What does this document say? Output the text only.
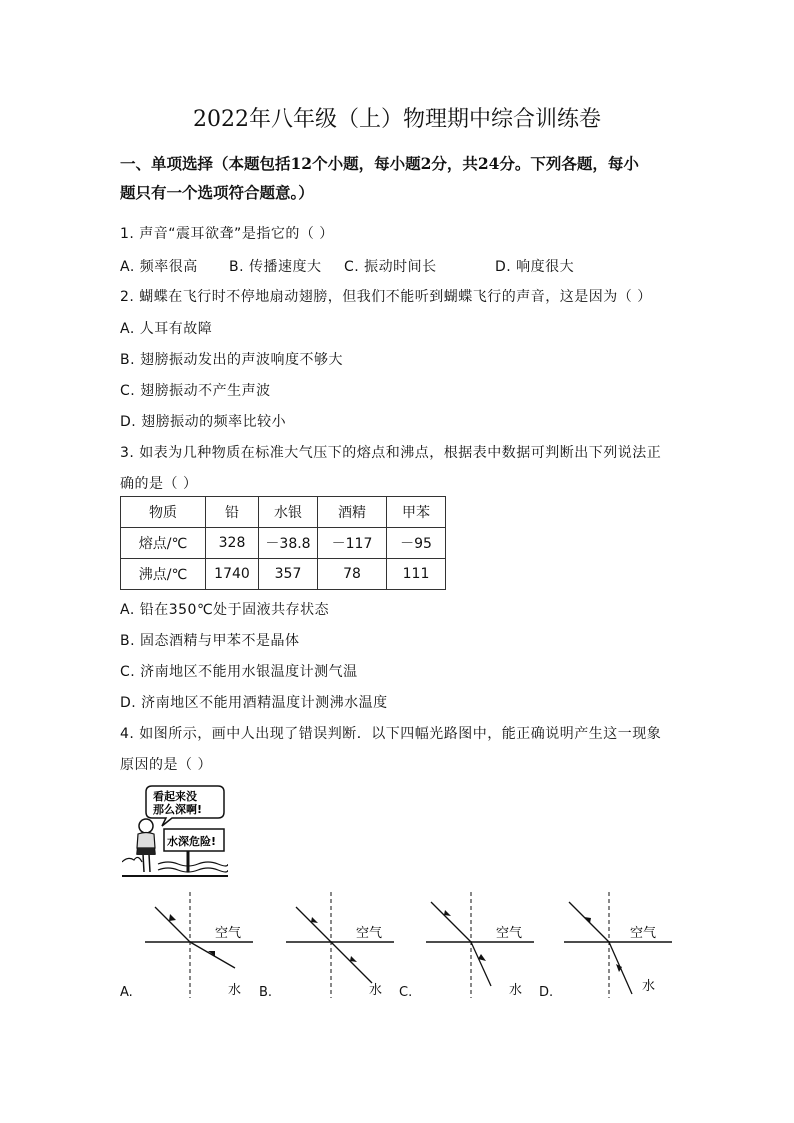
2022年八年级（上）物理期中综合训练卷
一、单项选择（本题包括12个小题，每小题2分，共24分。下列各题，每小
题只有一个选项符合题意。）
1. 声音“震耳欲聋”是指它的（ ）
A. 频率很高 B. 传播速度大 C. 振动时间长	D. 响度很大
2. 蝴蝶在飞行时不停地扇动翅膀，但我们不能听到蝴蝶飞行的声音，这是因为（ ）
A. 人耳有故障
B. 翅膀振动发出的声波响度不够大
C. 翅膀振动不产生声波
D. 翅膀振动的频率比较小
3. 如表为几种物质在标准大气压下的熔点和沸点，根据表中数据可判断出下列说法正
确的是（ ）
物质	铅	水银	酒精	甲苯
熔点/℃	328	－38.8	－117	－95
沸点/℃	1740	357	78	111
A. 铅在350℃处于固液共存状态
B. 固态酒精与甲苯不是晶体
C. 济南地区不能用水银温度计测气温
D. 济南地区不能用酒精温度计测沸水温度
4. 如图所示，画中人出现了错误判断．以下四幅光路图中，能正确说明产生这一现象
原因的是（ ）
看起来没
那么深啊!
水深危险!
空气
水
A.
空气
水
B.
空气
水
C.
空气
水
D.
